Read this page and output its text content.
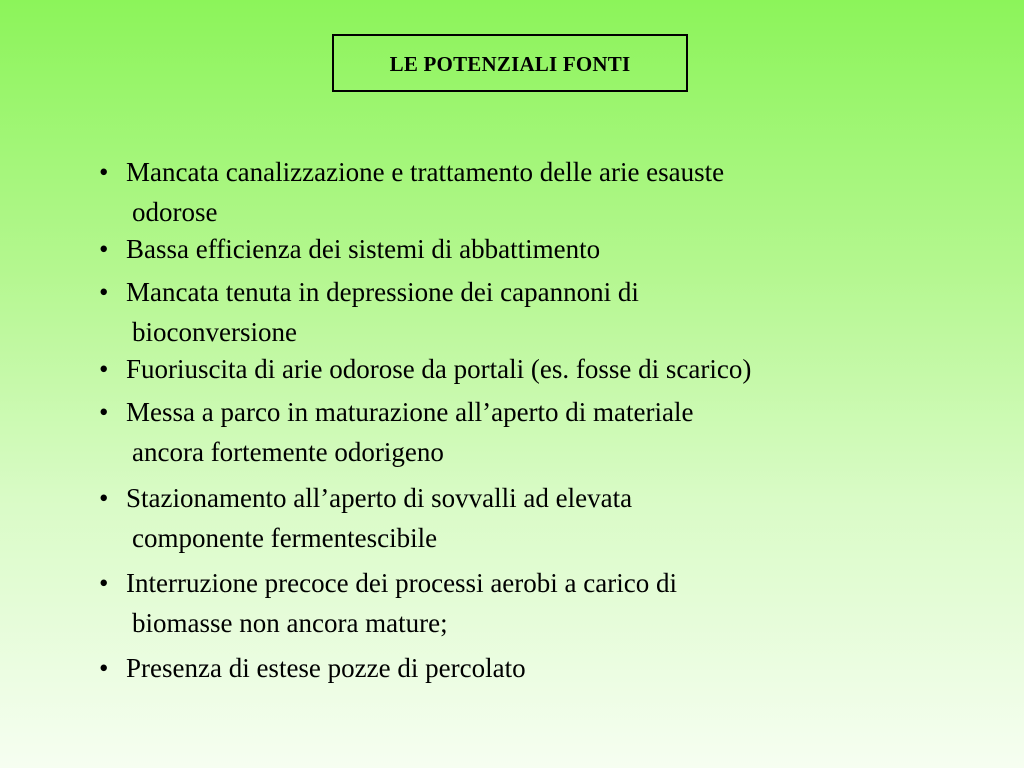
LE POTENZIALI FONTI
• Mancata canalizzazione e trattamento delle arie esauste
odorose
• Bassa efficienza dei sistemi di abbattimento
• Mancata tenuta in depressione dei capannoni di
bioconversione
• Fuoriuscita di arie odorose da portali (es. fosse di scarico)
• Messa a parco in maturazione all’aperto di materiale
ancora fortemente odorigeno
• Stazionamento all’aperto di sovvalli ad elevata
componente fermentescibile
• Interruzione precoce dei processi aerobi a carico di
biomasse non ancora mature;
• Presenza di estese pozze di percolato
